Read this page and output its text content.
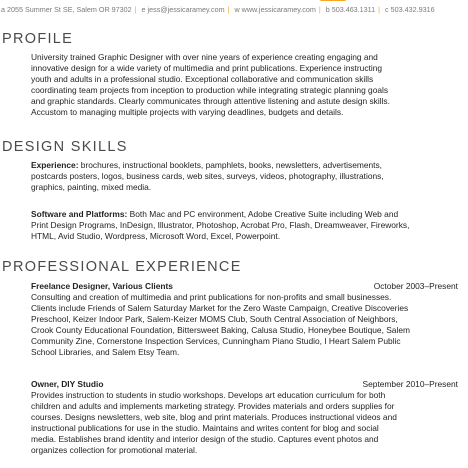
a 2055 Summer St SE, Salem OR 97302 | e jess@jessicaramey.com | w www.jessicaramey.com | b 503.463.1311 | c 503.432.9316
PROFILE
University trained Graphic Designer with over nine years of experience creating engaging and
innovative design for a wide variety of multimedia and print publications. Experience instructing
youth and adults in a professional studio. Exceptional collaborative and communication skills
coordinating team projects from inception to production while integrating strategic planning goals
and graphic standards. Clearly communicates through attentive listening and astute design skills.
Accustom to managing multiple projects with varying deadlines, budgets and details.
DESIGN SKILLS
Experience: brochures, instructional booklets, pamphlets, books, newsletters, advertisements,
postcards posters, logos, business cards, web sites, surveys, videos, photography, illustrations,
graphics, painting, mixed media.
Software and Platforms: Both Mac and PC environment, Adobe Creative Suite including Web and
Print Design Programs, InDesign, Illustrator, Photoshop, Acrobat Pro, Flash, Dreamweaver, Fireworks,
HTML, Avid Studio, Wordpress, Microsoft Word, Excel, Powerpoint.
PROFESSIONAL EXPERIENCE
Freelance Designer, Various Clients	October 2003–Present
Consulting and creation of multimedia and print publications for non-profits and small businesses.
Clients include Friends of Salem Saturday Market for the Zero Waste Campaign, Creative Discoveries
Preschool, Keizer Indoor Park, Salem-Keizer MOMS Club, South Central Association of Neighbors,
Crook County Educational Foundation, Bittersweet Baking, Calusa Studio, Honeybee Boutique, Salem
Community Zine, Cornerstone Inspection Services, Cunningham Piano Studio, I Heart Salem Public
School Libraries, and Salem Etsy Team.
Owner, DIY Studio	September 2010–Present
Provides instruction to students in studio workshops. Develops art education curriculum for both
children and adults and implements marketing strategy. Provides materials and orders supplies for
courses. Designs newsletters, web site, blog and print materials. Produces instructional videos and
instructional publications for use in the studio. Maintains and writes content for blog and social
media. Establishes brand identity and interior design of the studio. Captures event photos and
organizes collection for promotional material.
